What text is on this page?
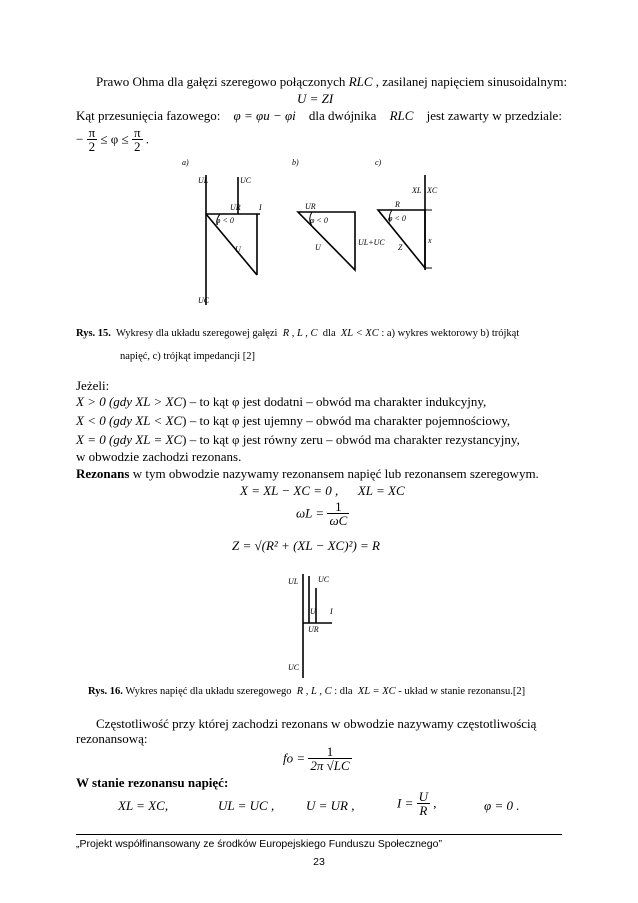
Prawo Ohma dla gałęzi szeregowo połączonych RLC , zasilanej napięciem sinusoidalnym:
U = ZI
Kąt przesunięcia fazowego: φ = φu − φi dla dwójnika RLC jest zawarty w przedziale:
− $\frac{\pi}{2} \le \varphi \le \frac{\pi}{2}$ .
a)	b)	c)
UL	UC
UR I
φ < 0
U
UC
UR
φ < 0
UL+UC
U
XL XC
R
φ < 0
Z
x
Rys. 15. Wykresy dla układu szeregowej gałęzi R , L , C dla XL < XC : a) wykres wektorowy b) trójkąt
napięć, c) trójkąt impedancji [2]
Jeżeli:
X > 0 (gdy XL > XC) – to kąt φ jest dodatni – obwód ma charakter indukcyjny,
X < 0 (gdy XL < XC) – to kąt φ jest ujemny – obwód ma charakter pojemnościowy,
X = 0 (gdy XL = XC) – to kąt φ jest równy zeru – obwód ma charakter rezystancyjny,
w obwodzie zachodzi rezonans.
Rezonans w tym obwodzie nazywamy rezonansem napięć lub rezonansem szeregowym.
X = XL − XC = 0 , XL = XC
$\omega L = \frac{1}{\omega C}$
Z = √(R² + (XL − XC)²) = R
UL UC
U
UR
I
UC
Rys. 16. Wykres napięć dla układu szeregowego R , L , C : dla XL = XC - układ w stanie rezonansu.[2]
Częstotliwość przy której zachodzi rezonans w obwodzie nazywamy częstotliwością
rezonansową:
fo = $\frac{1}{2\pi √LC}$
W stanie rezonansu napięć:
XL = XC,	UL = UC , U = UR ,	$I = \frac{U}{R}$ ,	φ = 0 .
„Projekt współfinansowany ze środków Europejskiego Funduszu Społecznego”
23
